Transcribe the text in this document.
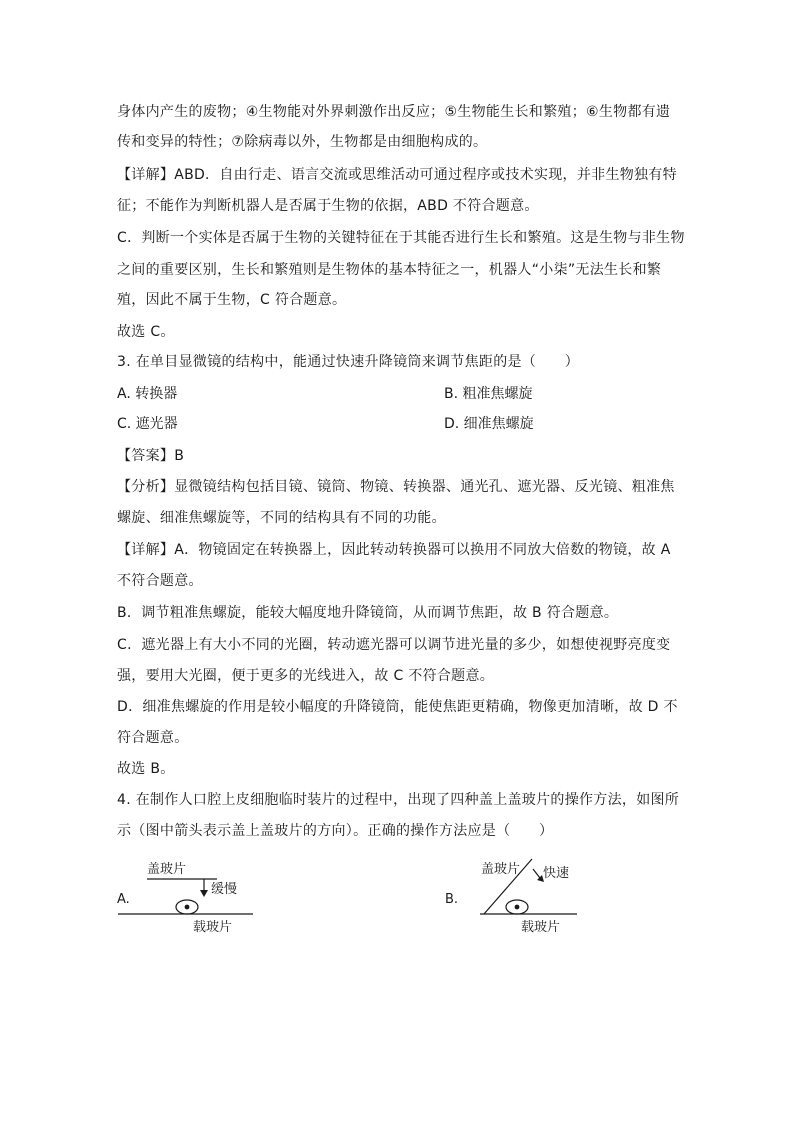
身体内产生的废物；④生物能对外界刺激作出反应；⑤生物能生长和繁殖；⑥生物都有遗
传和变异的特性；⑦除病毒以外，生物都是由细胞构成的。
【详解】ABD．自由行走、语言交流或思维活动可通过程序或技术实现，并非生物独有特
征；不能作为判断机器人是否属于生物的依据，ABD 不符合题意。
C．判断一个实体是否属于生物的关键特征在于其能否进行生长和繁殖。这是生物与非生物
之间的重要区别，生长和繁殖则是生物体的基本特征之一，机器人“小柒”无法生长和繁
殖，因此不属于生物，C 符合题意。
故选 C。
3. 在单目显微镜的结构中，能通过快速升降镜筒来调节焦距的是（　　）
A. 转换器	B. 粗准焦螺旋
C. 遮光器	D. 细准焦螺旋
【答案】B
【分析】显微镜结构包括目镜、镜筒、物镜、转换器、通光孔、遮光器、反光镜、粗准焦
螺旋、细准焦螺旋等，不同的结构具有不同的功能。
【详解】A．物镜固定在转换器上，因此转动转换器可以换用不同放大倍数的物镜，故 A
不符合题意。
B．调节粗准焦螺旋，能较大幅度地升降镜筒，从而调节焦距，故 B 符合题意。
C．遮光器上有大小不同的光圈，转动遮光器可以调节进光量的多少，如想使视野亮度变
强，要用大光圈，便于更多的光线进入，故 C 不符合题意。
D．细准焦螺旋的作用是较小幅度的升降镜筒，能使焦距更精确，物像更加清晰，故 D 不
符合题意。
故选 B。
4. 在制作人口腔上皮细胞临时装片的过程中，出现了四种盖上盖玻片的操作方法，如图所
示（图中箭头表示盖上盖玻片的方向）。正确的操作方法应是（　　）
A.
盖玻片
缓慢
载玻片
B.
盖玻片 快速
载玻片
